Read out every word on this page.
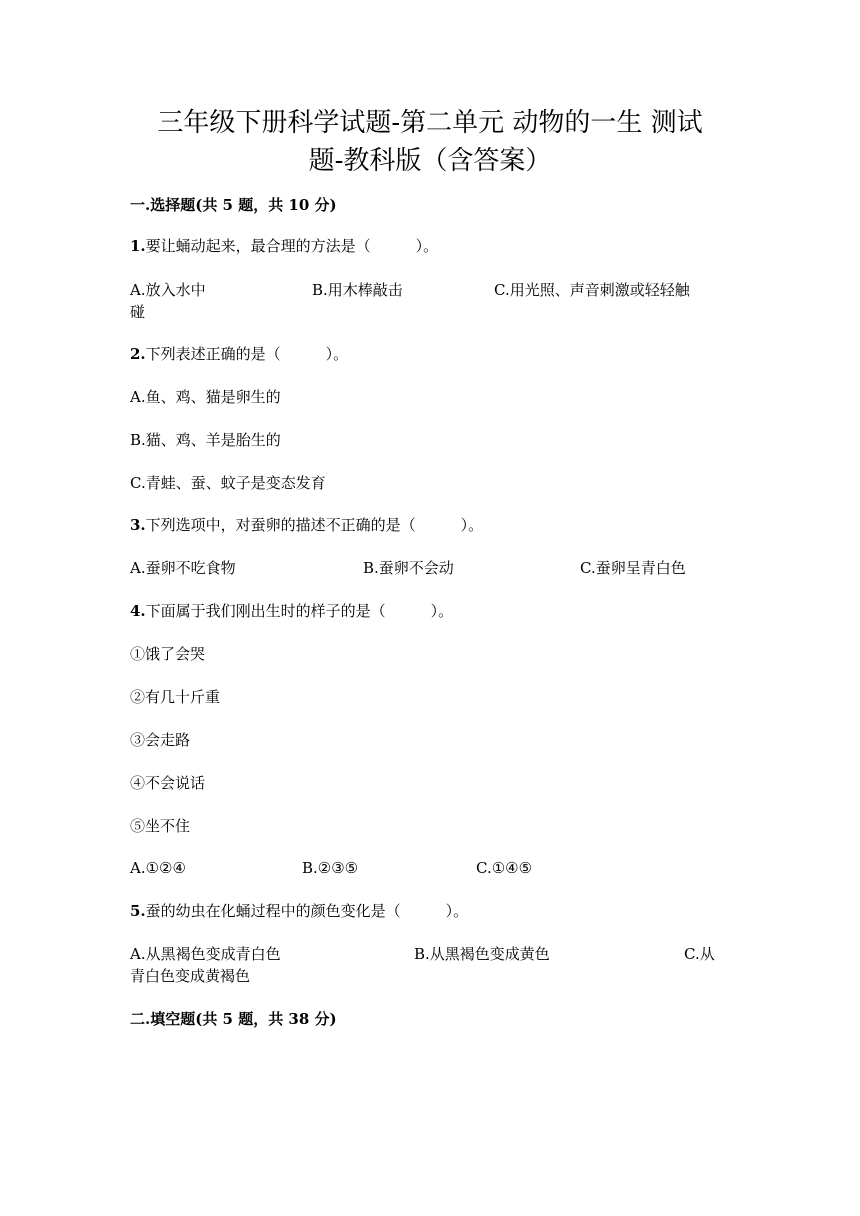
三年级下册科学试题-第二单元 动物的一生 测试
题-教科版（含答案）

一.选择题(共 5 题，共 10 分)

1.要让蛹动起来，最合理的方法是（　　　）。

A.放入水中	B.用木棒敲击	C.用光照、声音刺激或轻轻触
碰

2.下列表述正确的是（　　　）。

A.鱼、鸡、猫是卵生的

B.猫、鸡、羊是胎生的

C.青蛙、蚕、蚊子是变态发育

3.下列选项中，对蚕卵的描述不正确的是（　　　）。

A.蚕卵不吃食物	B.蚕卵不会动	C.蚕卵呈青白色

4.下面属于我们刚出生时的样子的是（　　　）。

①饿了会哭

②有几十斤重

③会走路

④不会说话

⑤坐不住

A.①②④	B.②③⑤	C.①④⑤

5.蚕的幼虫在化蛹过程中的颜色变化是（　　　）。

A.从黑褐色变成青白色	B.从黑褐色变成黄色	C.从
青白色变成黄褐色

二.填空题(共 5 题，共 38 分)
